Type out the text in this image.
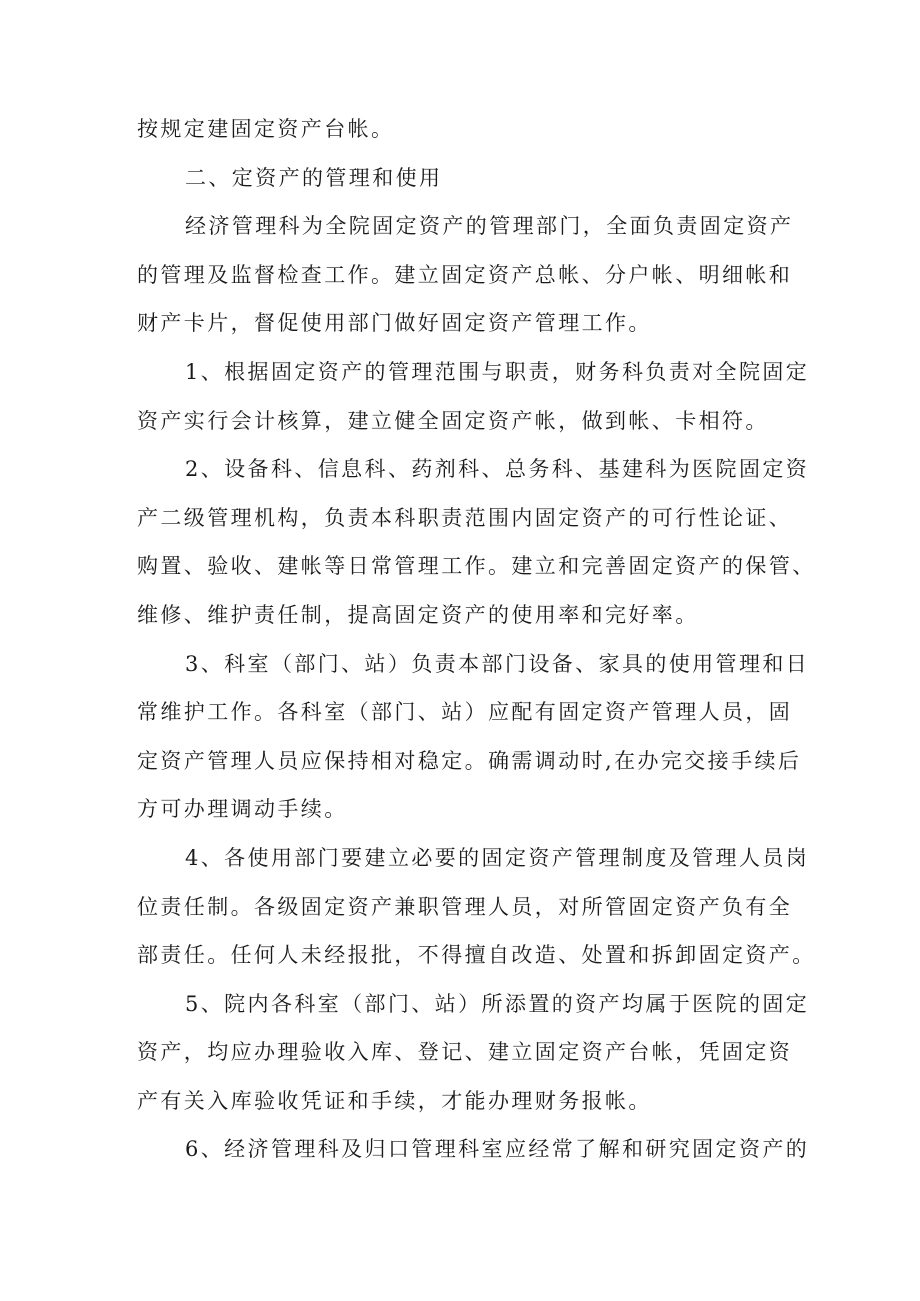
按规定建固定资产台帐。
二、定资产的管理和使用
经济管理科为全院固定资产的管理部门，全面负责固定资产
的管理及监督检查工作。建立固定资产总帐、分户帐、明细帐和
财产卡片，督促使用部门做好固定资产管理工作。
1、根据固定资产的管理范围与职责，财务科负责对全院固定
资产实行会计核算，建立健全固定资产帐，做到帐、卡相符。
2、设备科、信息科、药剂科、总务科、基建科为医院固定资
产二级管理机构，负责本科职责范围内固定资产的可行性论证、
购置、验收、建帐等日常管理工作。建立和完善固定资产的保管、
维修、维护责任制，提高固定资产的使用率和完好率。
3、科室（部门、站）负责本部门设备、家具的使用管理和日
常维护工作。各科室（部门、站）应配有固定资产管理人员，固
定资产管理人员应保持相对稳定。确需调动时,在办完交接手续后
方可办理调动手续。
4、各使用部门要建立必要的固定资产管理制度及管理人员岗
位责任制。各级固定资产兼职管理人员，对所管固定资产负有全
部责任。任何人未经报批，不得擅自改造、处置和拆卸固定资产。
5、院内各科室（部门、站）所添置的资产均属于医院的固定
资产，均应办理验收入库、登记、建立固定资产台帐，凭固定资
产有关入库验收凭证和手续，才能办理财务报帐。
6、经济管理科及归口管理科室应经常了解和研究固定资产的
